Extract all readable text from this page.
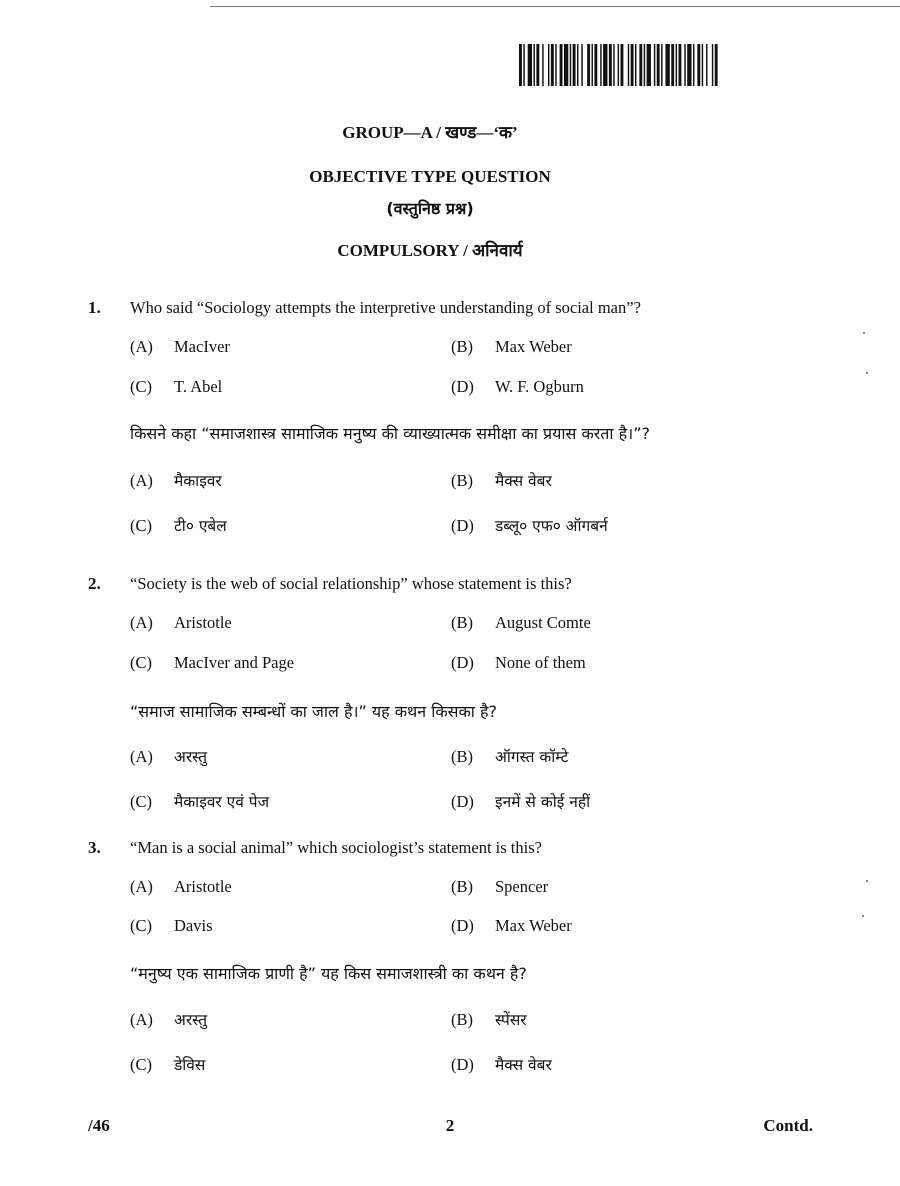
GROUP—A / खण्ड—‘क’
OBJECTIVE TYPE QUESTION
(वस्तुनिष्ठ प्रश्न)
COMPULSORY / अनिवार्य
1. Who said “Sociology attempts the interpretive understanding of social man”?
(A) MacIver	(B) Max Weber
(C) T. Abel	(D) W. F. Ogburn
किसने कहा “समाजशास्त्र सामाजिक मनुष्य की व्याख्यात्मक समीक्षा का प्रयास करता है।”?
(A) मैकाइवर	(B) मैक्स वेबर
(C) टी० एबेल	(D) डब्लू० एफ० ऑगबर्न
2. “Society is the web of social relationship” whose statement is this?
(A) Aristotle	(B) August Comte
(C) MacIver and Page	(D) None of them
“समाज सामाजिक सम्बन्धों का जाल है।” यह कथन किसका है?
(A) अरस्तु	(B) ऑगस्त कॉम्टे
(C) मैकाइवर एवं पेज	(D) इनमें से कोई नहीं
3. “Man is a social animal” which sociologist’s statement is this?
(A) Aristotle	(B) Spencer
(C) Davis	(D) Max Weber
“मनुष्य एक सामाजिक प्राणी है” यह किस समाजशास्त्री का कथन है?
(A) अरस्तु	(B) स्पेंसर
(C) डेविस	(D) मैक्स वेबर
/46	2	Contd.
